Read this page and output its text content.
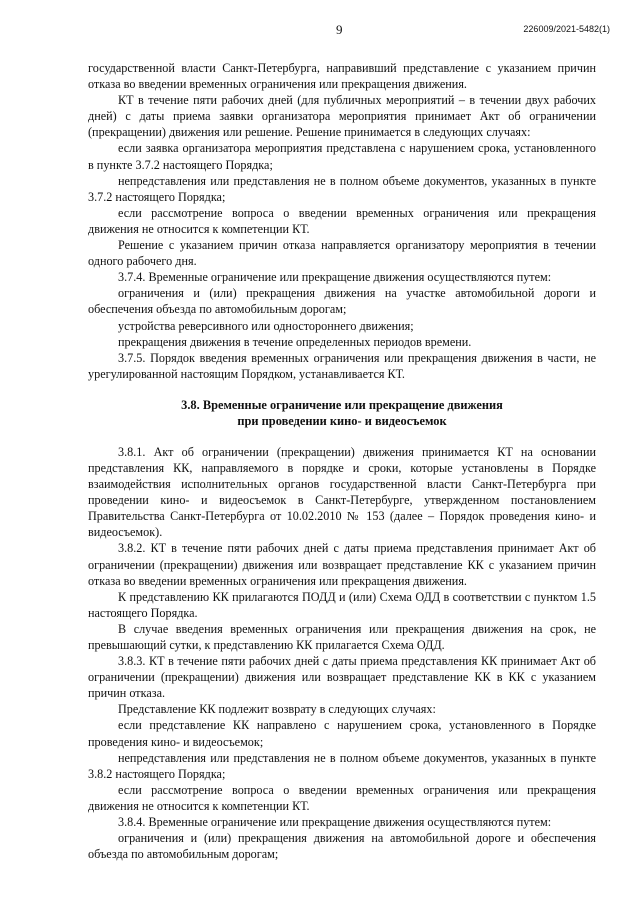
9	226009/2021-5482(1)

государственной власти Санкт-Петербурга, направивший представление с указанием причин отказа во введении временных ограничения или прекращения движения.

КТ в течение пяти рабочих дней (для публичных мероприятий – в течении двух рабочих дней) с даты приема заявки организатора мероприятия принимает Акт об ограничении (прекращении) движения или решение. Решение принимается в следующих случаях:

если заявка организатора мероприятия представлена с нарушением срока, установленного в пункте 3.7.2 настоящего Порядка;

непредставления или представления не в полном объеме документов, указанных в пункте 3.7.2 настоящего Порядка;

если рассмотрение вопроса о введении временных ограничения или прекращения движения не относится к компетенции КТ.

Решение с указанием причин отказа направляется организатору мероприятия в течении одного рабочего дня.

3.7.4. Временные ограничение или прекращение движения осуществляются путем:

ограничения и (или) прекращения движения на участке автомобильной дороги и обеспечения объезда по автомобильным дорогам;

устройства реверсивного или одностороннего движения;

прекращения движения в течение определенных периодов времени.

3.7.5. Порядок введения временных ограничения или прекращения движения в части, не урегулированной настоящим Порядком, устанавливается КТ.

3.8. Временные ограничение или прекращение движения
при проведении кино- и видеосъемок

3.8.1. Акт об ограничении (прекращении) движения принимается КТ на основании представления КК, направляемого в порядке и сроки, которые установлены в Порядке взаимодействия исполнительных органов государственной власти Санкт-Петербурга при проведении кино- и видеосъемок в Санкт-Петербурге, утвержденном постановлением Правительства Санкт-Петербурга от 10.02.2010 № 153 (далее – Порядок проведения кино- и видеосъемок).

3.8.2. КТ в течение пяти рабочих дней с даты приема представления принимает Акт об ограничении (прекращении) движения или возвращает представление КК с указанием причин отказа во введении временных ограничения или прекращения движения.

К представлению КК прилагаются ПОДД и (или) Схема ОДД в соответствии с пунктом 1.5 настоящего Порядка.

В случае введения временных ограничения или прекращения движения на срок, не превышающий сутки, к представлению КК прилагается Схема ОДД.

3.8.3. КТ в течение пяти рабочих дней с даты приема представления КК принимает Акт об ограничении (прекращении) движения или возвращает представление КК в КК с указанием причин отказа.

Представление КК подлежит возврату в следующих случаях:

если представление КК направлено с нарушением срока, установленного в Порядке проведения кино- и видеосъемок;

непредставления или представления не в полном объеме документов, указанных в пункте 3.8.2 настоящего Порядка;

если рассмотрение вопроса о введении временных ограничения или прекращения движения не относится к компетенции КТ.

3.8.4. Временные ограничение или прекращение движения осуществляются путем:

ограничения и (или) прекращения движения на автомобильной дороге и обеспечения объезда по автомобильным дорогам;
